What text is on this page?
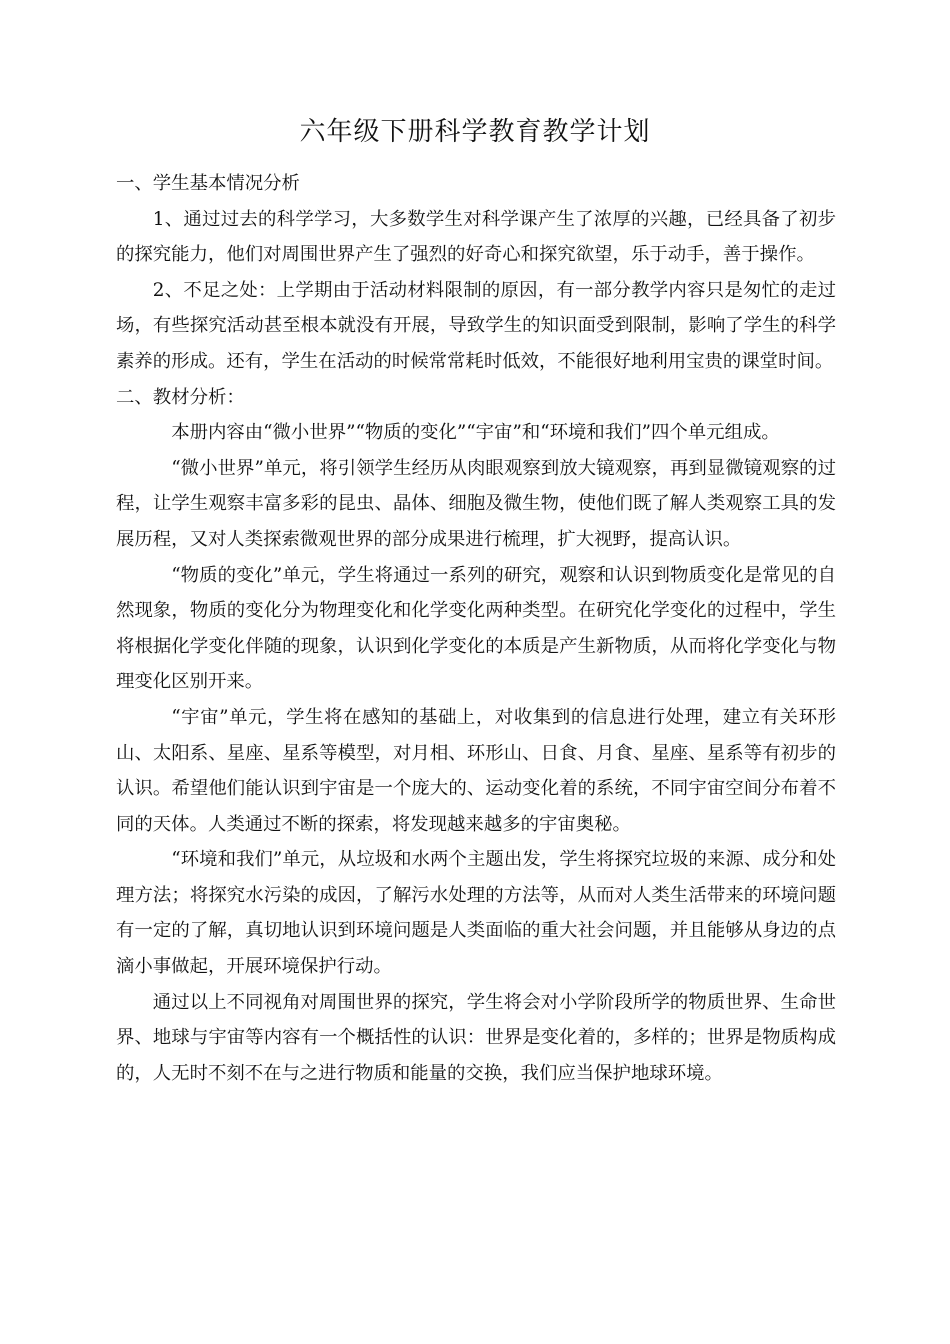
六年级下册科学教育教学计划

一、学生基本情况分析

1、通过过去的科学学习，大多数学生对科学课产生了浓厚的兴趣，已经具备了初步的探究能力，他们对周围世界产生了强烈的好奇心和探究欲望，乐于动手，善于操作。

2、不足之处：上学期由于活动材料限制的原因，有一部分教学内容只是匆忙的走过场，有些探究活动甚至根本就没有开展，导致学生的知识面受到限制，影响了学生的科学素养的形成。还有，学生在活动的时候常常耗时低效，不能很好地利用宝贵的课堂时间。

二、教材分析：

本册内容由“微小世界”“物质的变化”“宇宙”和“环境和我们”四个单元组成。

“微小世界”单元，将引领学生经历从肉眼观察到放大镜观察，再到显微镜观察的过程，让学生观察丰富多彩的昆虫、晶体、细胞及微生物，使他们既了解人类观察工具的发展历程，又对人类探索微观世界的部分成果进行梳理，扩大视野，提高认识。

“物质的变化”单元，学生将通过一系列的研究，观察和认识到物质变化是常见的自然现象，物质的变化分为物理变化和化学变化两种类型。在研究化学变化的过程中，学生将根据化学变化伴随的现象，认识到化学变化的本质是产生新物质，从而将化学变化与物理变化区别开来。

“宇宙”单元，学生将在感知的基础上，对收集到的信息进行处理，建立有关环形山、太阳系、星座、星系等模型，对月相、环形山、日食、月食、星座、星系等有初步的认识。希望他们能认识到宇宙是一个庞大的、运动变化着的系统，不同宇宙空间分布着不同的天体。人类通过不断的探索，将发现越来越多的宇宙奥秘。

“环境和我们”单元，从垃圾和水两个主题出发，学生将探究垃圾的来源、成分和处理方法；将探究水污染的成因，了解污水处理的方法等，从而对人类生活带来的环境问题有一定的了解，真切地认识到环境问题是人类面临的重大社会问题，并且能够从身边的点滴小事做起，开展环境保护行动。

通过以上不同视角对周围世界的探究，学生将会对小学阶段所学的物质世界、生命世界、地球与宇宙等内容有一个概括性的认识：世界是变化着的，多样的；世界是物质构成的，人无时不刻不在与之进行物质和能量的交换，我们应当保护地球环境。
